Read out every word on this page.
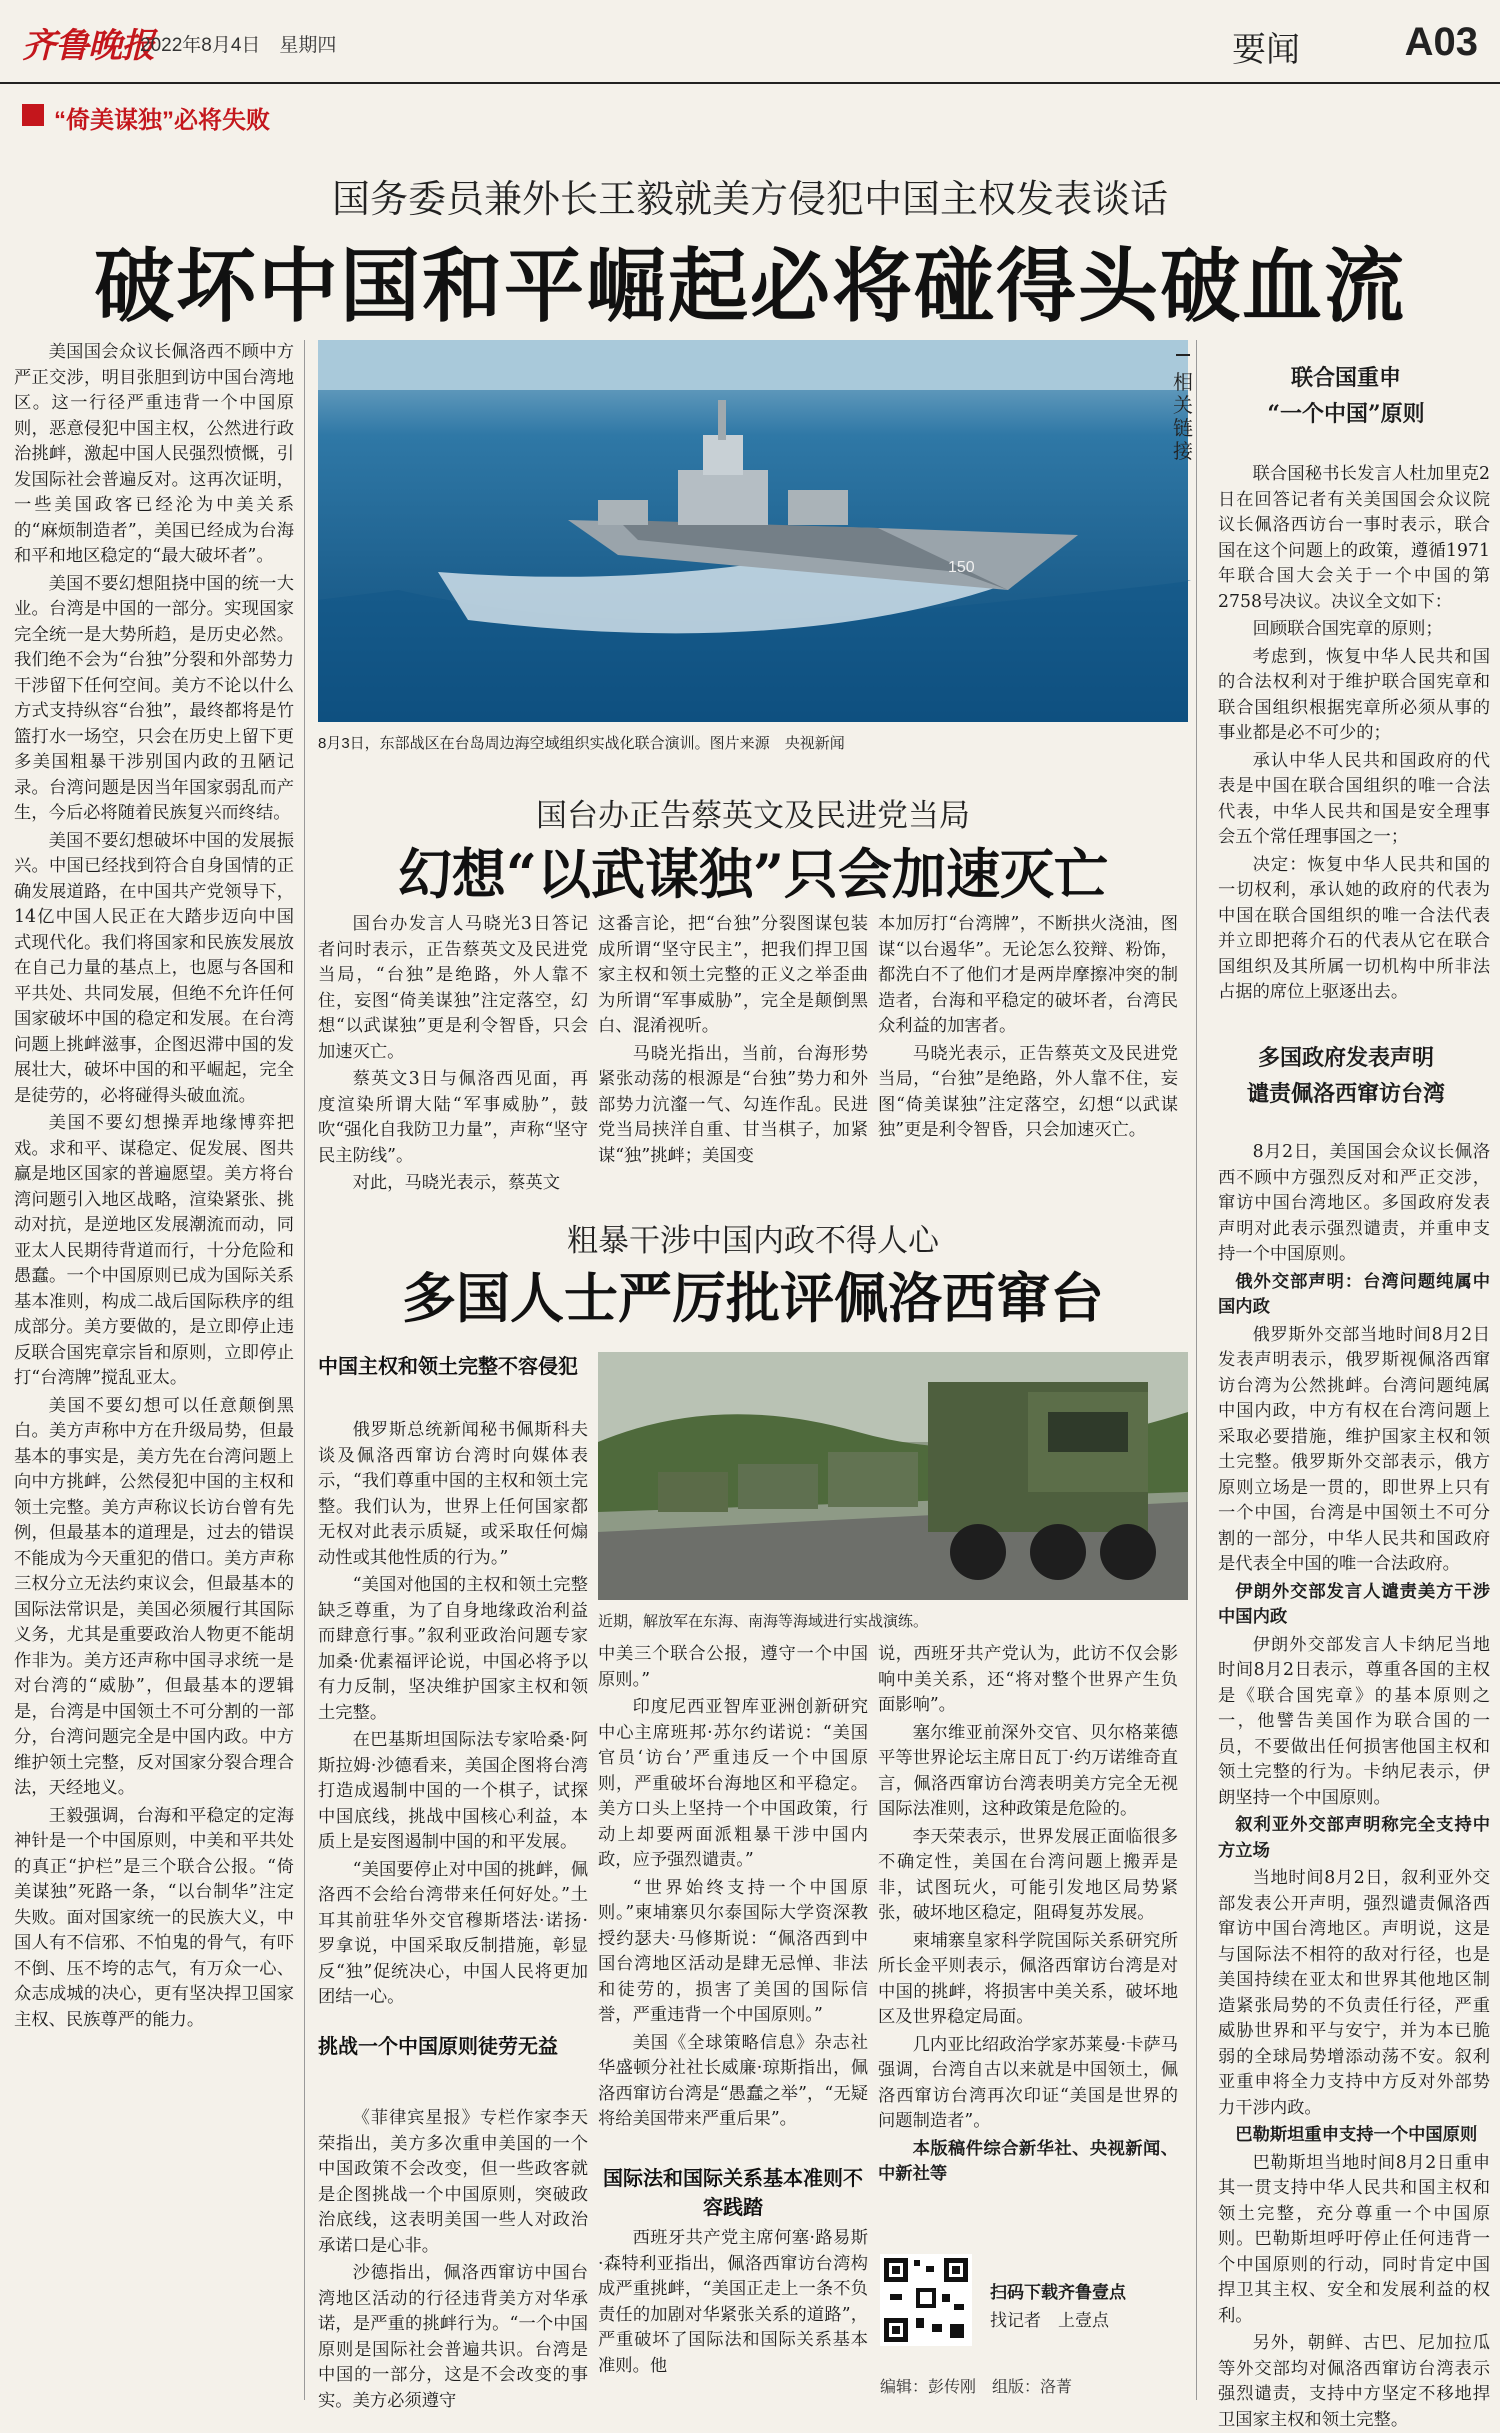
齐鲁晚报
2022年8月4日　星期四	要闻	A03
“倚美谋独”必将失败
国务委员兼外长王毅就美方侵犯中国主权发表谈话
破坏中国和平崛起必将碰得头破血流

美国国会众议长佩洛西不顾中方严正交涉，明目张胆到访中国台湾地区。这一行径严重违背一个中国原则，恶意侵犯中国主权，公然进行政治挑衅，激起中国人民强烈愤慨，引发国际社会普遍反对。这再次证明，一些美国政客已经沦为中美关系的“麻烦制造者”，美国已经成为台海和平和地区稳定的“最大破坏者”。

美国不要幻想阻挠中国的统一大业。台湾是中国的一部分。实现国家完全统一是大势所趋，是历史必然。我们绝不会为“台独”分裂和外部势力干涉留下任何空间。美方不论以什么方式支持纵容“台独”，最终都将是竹篮打水一场空，只会在历史上留下更多美国粗暴干涉别国内政的丑陋记录。台湾问题是因当年国家弱乱而产生，今后必将随着民族复兴而终结。

美国不要幻想破坏中国的发展振兴。中国已经找到符合自身国情的正确发展道路，在中国共产党领导下，14亿中国人民正在大踏步迈向中国式现代化。我们将国家和民族发展放在自己力量的基点上，也愿与各国和平共处、共同发展，但绝不允许任何国家破坏中国的稳定和发展。在台湾问题上挑衅滋事，企图迟滞中国的发展壮大，破坏中国的和平崛起，完全是徒劳的，必将碰得头破血流。

美国不要幻想操弄地缘博弈把戏。求和平、谋稳定、促发展、图共赢是地区国家的普遍愿望。美方将台湾问题引入地区战略，渲染紧张、挑动对抗，是逆地区发展潮流而动，同亚太人民期待背道而行，十分危险和愚蠢。一个中国原则已成为国际关系基本准则，构成二战后国际秩序的组成部分。美方要做的，是立即停止违反联合国宪章宗旨和原则，立即停止打“台湾牌”搅乱亚太。

美国不要幻想可以任意颠倒黑白。美方声称中方在升级局势，但最基本的事实是，美方先在台湾问题上向中方挑衅，公然侵犯中国的主权和领土完整。美方声称议长访台曾有先例，但最基本的道理是，过去的错误不能成为今天重犯的借口。美方声称三权分立无法约束议会，但最基本的国际法常识是，美国必须履行其国际义务，尤其是重要政治人物更不能胡作非为。美方还声称中国寻求统一是对台湾的“威胁”，但最基本的逻辑是，台湾是中国领土不可分割的一部分，台湾问题完全是中国内政。中方维护领土完整，反对国家分裂合理合法，天经地义。

王毅强调，台海和平稳定的定海神针是一个中国原则，中美和平共处的真正“护栏”是三个联合公报。“倚美谋独”死路一条，“以台制华”注定失败。面对国家统一的民族大义，中国人有不信邪、不怕鬼的骨气，有吓不倒、压不垮的志气，有万众一心、众志成城的决心，更有坚决捍卫国家主权、民族尊严的能力。

150
8月3日，东部战区在台岛周边海空域组织实战化联合演训。图片来源　央视新闻
国台办正告蔡英文及民进党当局
幻想“以武谋独”只会加速灭亡

国台办发言人马晓光3日答记者问时表示，正告蔡英文及民进党当局，“台独”是绝路，外人靠不住，妄图“倚美谋独”注定落空，幻想“以武谋独”更是利令智昏，只会加速灭亡。

蔡英文3日与佩洛西见面，再度渲染所谓大陆“军事威胁”，鼓吹“强化自我防卫力量”，声称“坚守民主防线”。

对此，马晓光表示，蔡英文

这番言论，把“台独”分裂图谋包装成所谓“坚守民主”，把我们捍卫国家主权和领土完整的正义之举歪曲为所谓“军事威胁”，完全是颠倒黑白、混淆视听。

马晓光指出，当前，台海形势紧张动荡的根源是“台独”势力和外部势力沆瀣一气、勾连作乱。民进党当局挟洋自重、甘当棋子，加紧谋“独”挑衅；美国变

本加厉打“台湾牌”，不断拱火浇油，图谋“以台遏华”。无论怎么狡辩、粉饰，都洗白不了他们才是两岸摩擦冲突的制造者，台海和平稳定的破坏者，台湾民众利益的加害者。

马晓光表示，正告蔡英文及民进党当局，“台独”是绝路，外人靠不住，妄图“倚美谋独”注定落空，幻想“以武谋独”更是利令智昏，只会加速灭亡。

粗暴干涉中国内政不得人心
多国人士严厉批评佩洛西窜台
中国主权和领土完整不容侵犯

俄罗斯总统新闻秘书佩斯科夫谈及佩洛西窜访台湾时向媒体表示，“我们尊重中国的主权和领土完整。我们认为，世界上任何国家都无权对此表示质疑，或采取任何煽动性或其他性质的行为。”

“美国对他国的主权和领土完整缺乏尊重，为了自身地缘政治利益而肆意行事。”叙利亚政治问题专家加桑·优素福评论说，中国必将予以有力反制，坚决维护国家主权和领土完整。

在巴基斯坦国际法专家哈桑·阿斯拉姆·沙德看来，美国企图将台湾打造成遏制中国的一个棋子，试探中国底线，挑战中国核心利益，本质上是妄图遏制中国的和平发展。

“美国要停止对中国的挑衅，佩洛西不会给台湾带来任何好处。”土耳其前驻华外交官穆斯塔法·诺扬·罗拿说，中国采取反制措施，彰显反“独”促统决心，中国人民将更加团结一心。

挑战一个中国原则徒劳无益

《菲律宾星报》专栏作家李天荣指出，美方多次重申美国的一个中国政策不会改变，但一些政客就是企图挑战一个中国原则，突破政治底线，这表明美国一些人对政治承诺口是心非。

沙德指出，佩洛西窜访中国台湾地区活动的行径违背美方对华承诺，是严重的挑衅行为。“一个中国原则是国际社会普遍共识。台湾是中国的一部分，这是不会改变的事实。美方必须遵守

近期，解放军在东海、南海等海域进行实战演练。

中美三个联合公报，遵守一个中国原则。”

印度尼西亚智库亚洲创新研究中心主席班邦·苏尔约诺说：“美国官员‘访台’严重违反一个中国原则，严重破坏台海地区和平稳定。美方口头上坚持一个中国政策，行动上却要两面派粗暴干涉中国内政，应予强烈谴责。”

“世界始终支持一个中国原则。”柬埔寨贝尔泰国际大学资深教授约瑟夫·马修斯说：“佩洛西到中国台湾地区活动是肆无忌惮、非法和徒劳的，损害了美国的国际信誉，严重违背一个中国原则。”

美国《全球策略信息》杂志社华盛顿分社社长威廉·琼斯指出，佩洛西窜访台湾是“愚蠢之举”，“无疑将给美国带来严重后果”。

国际法和国际关系基本准则不容践踏

西班牙共产党主席何塞·路易斯·森特利亚指出，佩洛西窜访台湾构成严重挑衅，“美国正走上一条不负责任的加剧对华紧张关系的道路”，严重破坏了国际法和国际关系基本准则。他

说，西班牙共产党认为，此访不仅会影响中美关系，还“将对整个世界产生负面影响”。

塞尔维亚前深外交官、贝尔格莱德平等世界论坛主席日瓦丁·约万诺维奇直言，佩洛西窜访台湾表明美方完全无视国际法准则，这种政策是危险的。

李天荣表示，世界发展正面临很多不确定性，美国在台湾问题上搬弄是非，试图玩火，可能引发地区局势紧张，破坏地区稳定，阻碍复苏发展。

柬埔寨皇家科学院国际关系研究所所长金平则表示，佩洛西窜访台湾是对中国的挑衅，将损害中美关系，破坏地区及世界稳定局面。

几内亚比绍政治学家苏莱曼·卡萨马强调，台湾自古以来就是中国领土，佩洛西窜访台湾再次印证“美国是世界的问题制造者”。

本版稿件综合新华社、央视新闻、中新社等

扫码下载齐鲁壹点
找记者　上壹点
编辑：彭传刚　组版：洛菁
相关链接
联合国重申
“一个中国”原则

联合国秘书长发言人杜加里克2日在回答记者有关美国国会众议院议长佩洛西访台一事时表示，联合国在这个问题上的政策，遵循1971年联合国大会关于一个中国的第2758号决议。决议全文如下：

回顾联合国宪章的原则；

考虑到，恢复中华人民共和国的合法权利对于维护联合国宪章和联合国组织根据宪章所必须从事的事业都是必不可少的；

承认中华人民共和国政府的代表是中国在联合国组织的唯一合法代表，中华人民共和国是安全理事会五个常任理事国之一；

决定：恢复中华人民共和国的一切权利，承认她的政府的代表为中国在联合国组织的唯一合法代表并立即把蒋介石的代表从它在联合国组织及其所属一切机构中所非法占据的席位上驱逐出去。

多国政府发表声明
谴责佩洛西窜访台湾

8月2日，美国国会众议长佩洛西不顾中方强烈反对和严正交涉，窜访中国台湾地区。多国政府发表声明对此表示强烈谴责，并重申支持一个中国原则。

俄外交部声明：台湾问题纯属中国内政

俄罗斯外交部当地时间8月2日发表声明表示，俄罗斯视佩洛西窜访台湾为公然挑衅。台湾问题纯属中国内政，中方有权在台湾问题上采取必要措施，维护国家主权和领土完整。俄罗斯外交部表示，俄方原则立场是一贯的，即世界上只有一个中国，台湾是中国领土不可分割的一部分，中华人民共和国政府是代表全中国的唯一合法政府。

伊朗外交部发言人谴责美方干涉中国内政

伊朗外交部发言人卡纳尼当地时间8月2日表示，尊重各国的主权是《联合国宪章》的基本原则之一，他譬告美国作为联合国的一员，不要做出任何损害他国主权和领土完整的行为。卡纳尼表示，伊朗坚持一个中国原则。

叙利亚外交部声明称完全支持中方立场

当地时间8月2日，叙利亚外交部发表公开声明，强烈谴责佩洛西窜访中国台湾地区。声明说，这是与国际法不相符的敌对行径，也是美国持续在亚太和世界其他地区制造紧张局势的不负责任行径，严重威胁世界和平与安宁，并为本已脆弱的全球局势增添动荡不安。叙利亚重申将全力支持中方反对外部势力干涉内政。

巴勒斯坦重申支持一个中国原则

巴勒斯坦当地时间8月2日重申其一贯支持中华人民共和国主权和领土完整，充分尊重一个中国原则。巴勒斯坦呼吁停止任何违背一个中国原则的行动，同时肯定中国捍卫其主权、安全和发展利益的权利。

另外，朝鲜、古巴、尼加拉瓜等外交部均对佩洛西窜访台湾表示强烈谴责，支持中方坚定不移地捍卫国家主权和领土完整。
